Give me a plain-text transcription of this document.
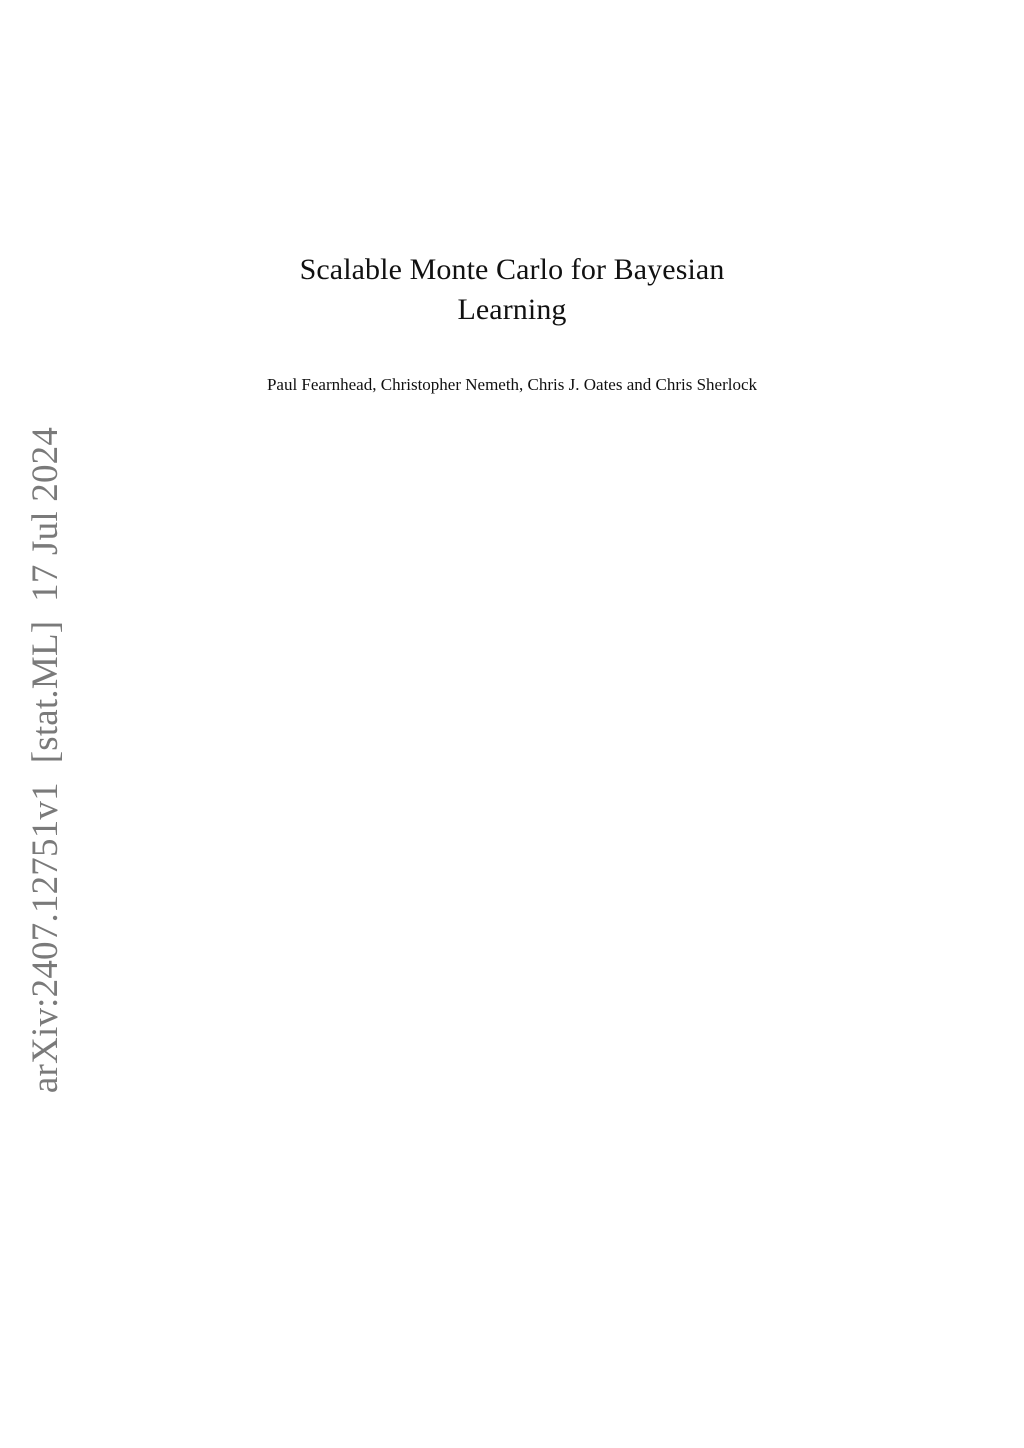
Scalable Monte Carlo for Bayesian
Learning
Paul Fearnhead, Christopher Nemeth, Chris J. Oates and Chris Sherlock
arXiv:2407.12751v1  [stat.ML]  17 Jul 2024
